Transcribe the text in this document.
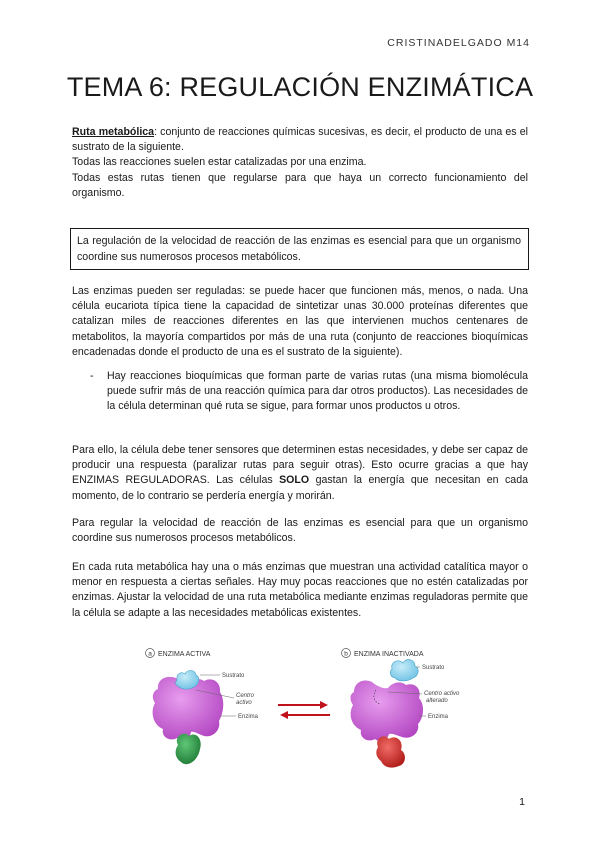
CRISTINADELGADO M14
TEMA 6: REGULACIÓN ENZIMÁTICA

Ruta metabólica: conjunto de reacciones químicas sucesivas, es decir, el producto de una es el sustrato de la siguiente.

Todas las reacciones suelen estar catalizadas por una enzima.

Todas estas rutas tienen que regularse para que haya un correcto funcionamiento del organismo.

La regulación de la velocidad de reacción de las enzimas es esencial para que un organismo coordine sus numerosos procesos metabólicos.
Las enzimas pueden ser reguladas: se puede hacer que funcionen más, menos, o nada. Una célula eucariota típica tiene la capacidad de sintetizar unas 30.000 proteínas diferentes que catalizan miles de reacciones diferentes en las que intervienen muchos centenares de metabolitos, la mayoría compartidos por más de una ruta (conjunto de reacciones bioquímicas encadenadas donde el producto de una es el sustrato de la siguiente).
- Hay reacciones bioquímicas que forman parte de varias rutas (una misma biomolécula puede sufrir más de una reacción química para dar otros productos). Las necesidades de la célula determinan qué ruta se sigue, para formar unos productos u otros.
Para ello, la célula debe tener sensores que determinen estas necesidades, y debe ser capaz de producir una respuesta (paralizar rutas para seguir otras). Esto ocurre gracias a que hay ENZIMAS REGULADORAS. Las células SOLO gastan la energía que necesitan en cada momento, de lo contrario se perdería energía y morirán.
Para regular la velocidad de reacción de las enzimas es esencial para que un organismo coordine sus numerosos procesos metabólicos.
En cada ruta metabólica hay una o más enzimas que muestran una actividad catalítica mayor o menor en respuesta a ciertas señales. Hay muy pocas reacciones que no estén catalizadas por enzimas. Ajustar la velocidad de una ruta metabólica mediante enzimas reguladoras permite que la célula se adapte a las necesidades metabólicas existentes.
a ENZIMA ACTIVA
Sustrato
Centro
activo
Enzima
b ENZIMA INACTIVADA
Sustrato
Centro activo
alterado
Enzima
1
